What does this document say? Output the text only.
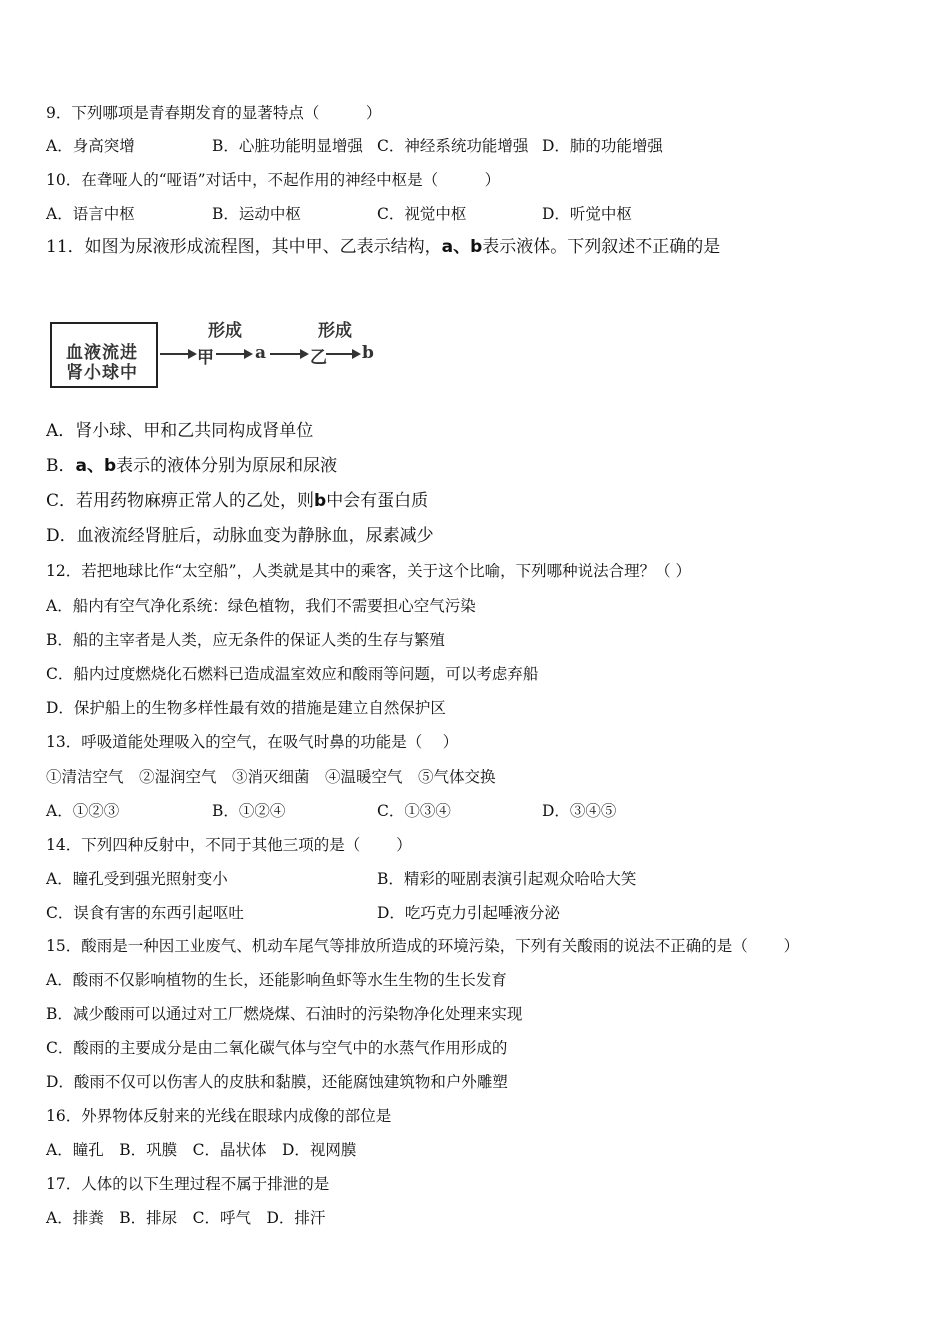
9．下列哪项是青春期发育的显著特点（　　　）
A．身高突增	B．心脏功能明显增强 C．神经系统功能增强 D．肺的功能增强
10．在聋哑人的“哑语”对话中，不起作用的神经中枢是（　　　）
A．语言中枢	B．运动中枢	C．视觉中枢	D．听觉中枢
11．如图为尿液形成流程图，其中甲、乙表示结构，a、b表示液体。下列叙述不正确的是
血液流进
肾小球中
甲
形成
a	乙
形成
b
A．肾小球、甲和乙共同构成肾单位
B．a、b表示的液体分别为原尿和尿液
C．若用药物麻痹正常人的乙处，则b中会有蛋白质
D．血液流经肾脏后，动脉血变为静脉血，尿素减少
12．若把地球比作“太空船”，人类就是其中的乘客，关于这个比喻，下列哪种说法合理？（ ）
A．船内有空气净化系统：绿色植物，我们不需要担心空气污染
B．船的主宰者是人类，应无条件的保证人类的生存与繁殖
C．船内过度燃烧化石燃料已造成温室效应和酸雨等问题，可以考虑弃船
D．保护船上的生物多样性最有效的措施是建立自然保护区
13．呼吸道能处理吸入的空气，在吸气时鼻的功能是（　 ）
①清洁空气　②湿润空气　③消灭细菌　④温暖空气　⑤气体交换
A．①②③	B．①②④	C．①③④	D．③④⑤
14．下列四种反射中，不同于其他三项的是（　　 ）
A．瞳孔受到强光照射变小	B．精彩的哑剧表演引起观众哈哈大笑
C．误食有害的东西引起呕吐	D．吃巧克力引起唾液分泌
15．酸雨是一种因工业废气、机动车尾气等排放所造成的环境污染，下列有关酸雨的说法不正确的是（　　 ）
A．酸雨不仅影响植物的生长，还能影响鱼虾等水生生物的生长发育
B．减少酸雨可以通过对工厂燃烧煤、石油时的污染物净化处理来实现
C．酸雨的主要成分是由二氧化碳气体与空气中的水蒸气作用形成的
D．酸雨不仅可以伤害人的皮肤和黏膜，还能腐蚀建筑物和户外雕塑
16．外界物体反射来的光线在眼球内成像的部位是
A．瞳孔　B．巩膜　C．晶状体　D．视网膜
17．人体的以下生理过程不属于排泄的是
A．排粪　B．排尿　C．呼气　D．排汗
